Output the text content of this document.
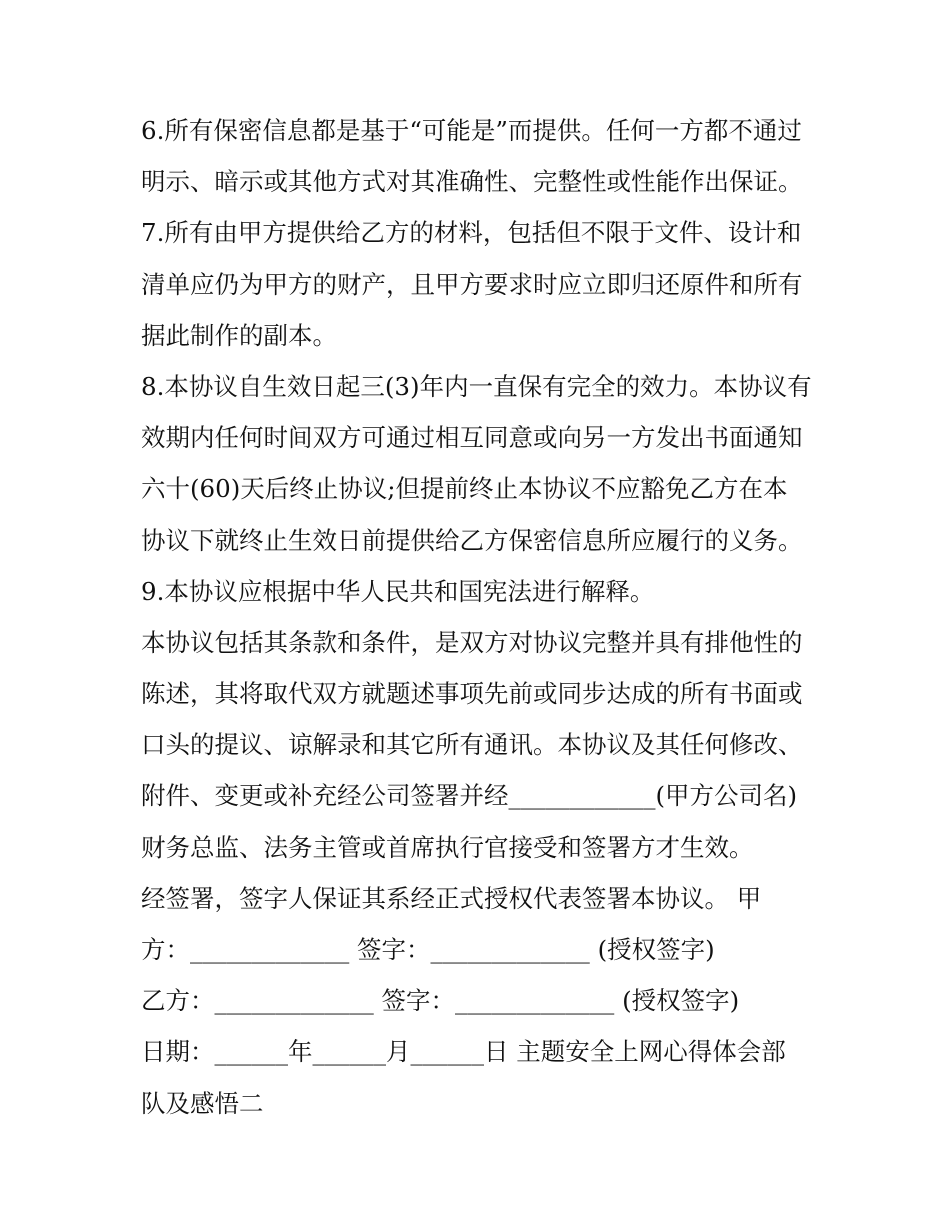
6.所有保密信息都是基于“可能是”而提供。任何一方都不通过

明示、暗示或其他方式对其准确性、完整性或性能作出保证。

7.所有由甲方提供给乙方的材料，包括但不限于文件、设计和

清单应仍为甲方的财产，且甲方要求时应立即归还原件和所有

据此制作的副本。

8.本协议自生效日起三(3)年内一直保有完全的效力。本协议有

效期内任何时间双方可通过相互同意或向另一方发出书面通知

六十(60)天后终止协议;但提前终止本协议不应豁免乙方在本

协议下就终止生效日前提供给乙方保密信息所应履行的义务。

9.本协议应根据中华人民共和国宪法进行解释。

本协议包括其条款和条件，是双方对协议完整并具有排他性的

陈述，其将取代双方就题述事项先前或同步达成的所有书面或

口头的提议、谅解录和其它所有通讯。本协议及其任何修改、

附件、变更或补充经公司签署并经____________(甲方公司名)

财务总监、法务主管或首席执行官接受和签署方才生效。

经签署，签字人保证其系经正式授权代表签署本协议。 甲

方：_____________ 签字：_____________ (授权签字)

乙方：_____________ 签字：_____________ (授权签字)

日期：______年______月______日 主题安全上网心得体会部

队及感悟二
